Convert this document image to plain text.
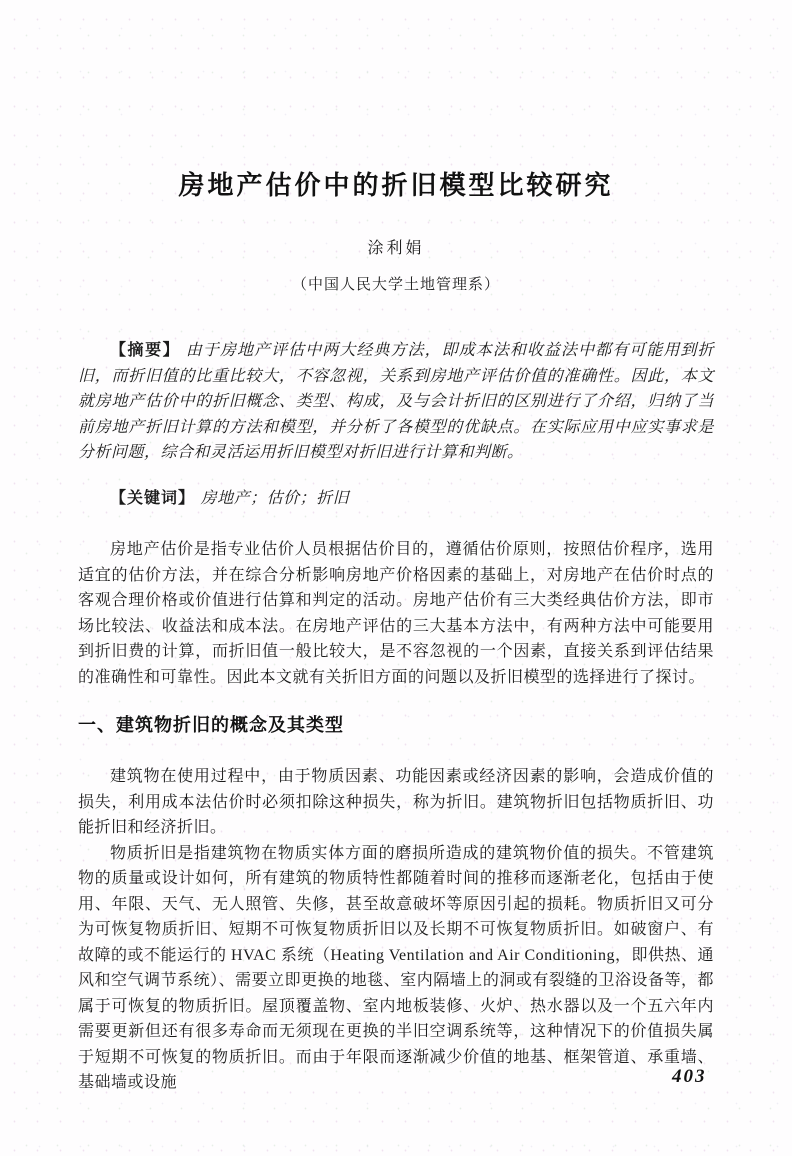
房地产估价中的折旧模型比较研究
涂利娟
（中国人民大学土地管理系）

【摘要】 由于房地产评估中两大经典方法，即成本法和收益法中都有可能用到折旧，而折旧值的比重比较大，不容忽视，关系到房地产评估价值的准确性。因此，本文就房地产估价中的折旧概念、类型、构成，及与会计折旧的区别进行了介绍，归纳了当前房地产折旧计算的方法和模型，并分析了各模型的优缺点。在实际应用中应实事求是分析问题，综合和灵活运用折旧模型对折旧进行计算和判断。

【关键词】 房地产；估价；折旧

房地产估价是指专业估价人员根据估价目的，遵循估价原则，按照估价程序，选用适宜的估价方法，并在综合分析影响房地产价格因素的基础上，对房地产在估价时点的客观合理价格或价值进行估算和判定的活动。房地产估价有三大类经典估价方法，即市场比较法、收益法和成本法。在房地产评估的三大基本方法中，有两种方法中可能要用到折旧费的计算，而折旧值一般比较大，是不容忽视的一个因素，直接关系到评估结果的准确性和可靠性。因此本文就有关折旧方面的问题以及折旧模型的选择进行了探讨。

一、建筑物折旧的概念及其类型

建筑物在使用过程中，由于物质因素、功能因素或经济因素的影响，会造成价值的损失，利用成本法估价时必须扣除这种损失，称为折旧。建筑物折旧包括物质折旧、功能折旧和经济折旧。

物质折旧是指建筑物在物质实体方面的磨损所造成的建筑物价值的损失。不管建筑物的质量或设计如何，所有建筑的物质特性都随着时间的推移而逐渐老化，包括由于使用、年限、天气、无人照管、失修，甚至故意破坏等原因引起的损耗。物质折旧又可分为可恢复物质折旧、短期不可恢复物质折旧以及长期不可恢复物质折旧。如破窗户、有故障的或不能运行的 HVAC 系统（Heating Ventilation and Air Conditioning，即供热、通风和空气调节系统）、需要立即更换的地毯、室内隔墙上的洞或有裂缝的卫浴设备等，都属于可恢复的物质折旧。屋顶覆盖物、室内地板装修、火炉、热水器以及一个五六年内需要更新但还有很多寿命而无须现在更换的半旧空调系统等，这种情况下的价值损失属于短期不可恢复的物质折旧。而由于年限而逐渐减少价值的地基、框架管道、承重墙、基础墙或设施	403
